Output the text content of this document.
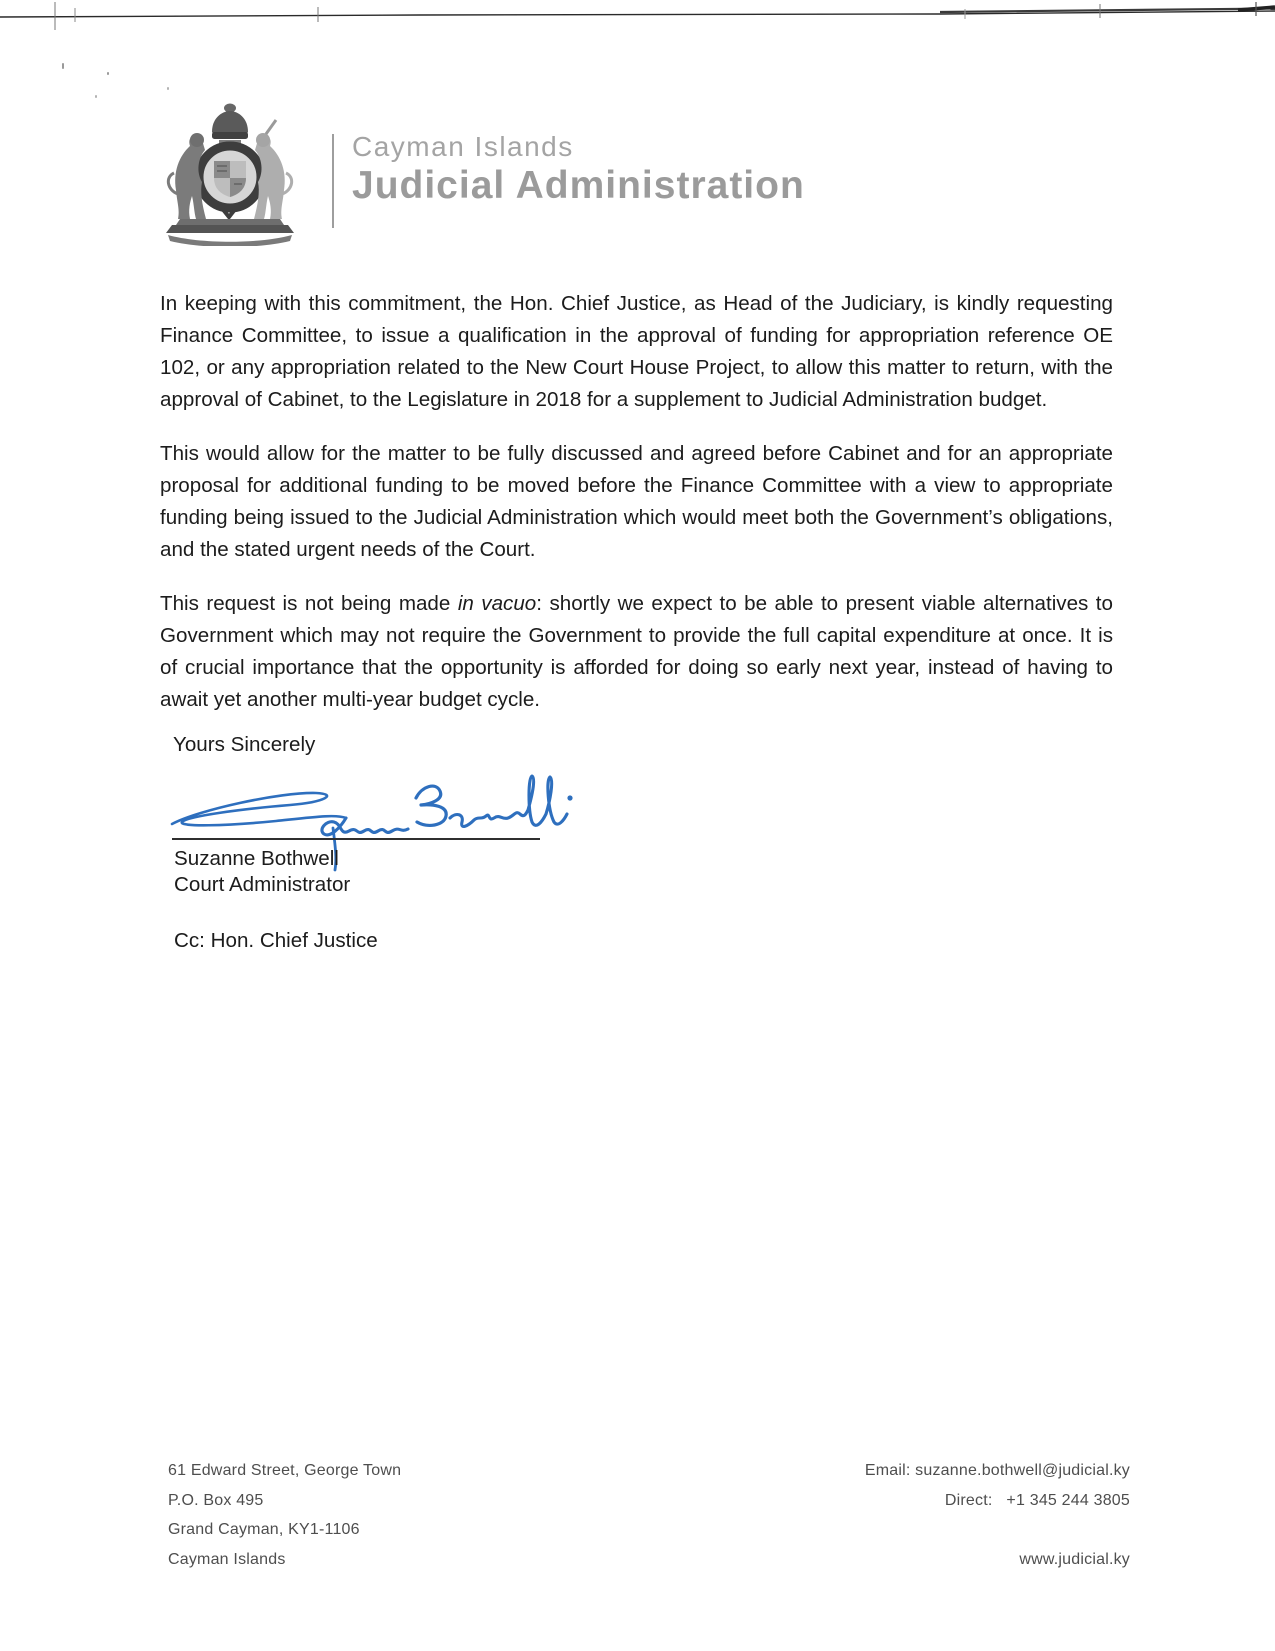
Cayman Islands
Judicial Administration

In keeping with this commitment, the Hon. Chief Justice, as Head of the Judiciary, is kindly requesting Finance Committee, to issue a qualification in the approval of funding for appropriation reference OE 102, or any appropriation related to the New Court House Project, to allow this matter to return, with the approval of Cabinet, to the Legislature in 2018 for a supplement to Judicial Administration budget.

This would allow for the matter to be fully discussed and agreed before Cabinet and for an appropriate proposal for additional funding to be moved before the Finance Committee with a view to appropriate funding being issued to the Judicial Administration which would meet both the Government’s obligations, and the stated urgent needs of the Court.

This request is not being made in vacuo: shortly we expect to be able to present viable alternatives to Government which may not require the Government to provide the full capital expenditure at once. It is of crucial importance that the opportunity is afforded for doing so early next year, instead of having to await yet another multi-year budget cycle.

Yours Sincerely
Suzanne Bothwell
Court Administrator
Cc: Hon. Chief Justice
61 Edward Street, George Town
P.O. Box 495
Grand Cayman, KY1-1106
Cayman Islands
Email: suzanne.bothwell@judicial.ky
Direct:   +1 345 244 3805
www.judicial.ky
